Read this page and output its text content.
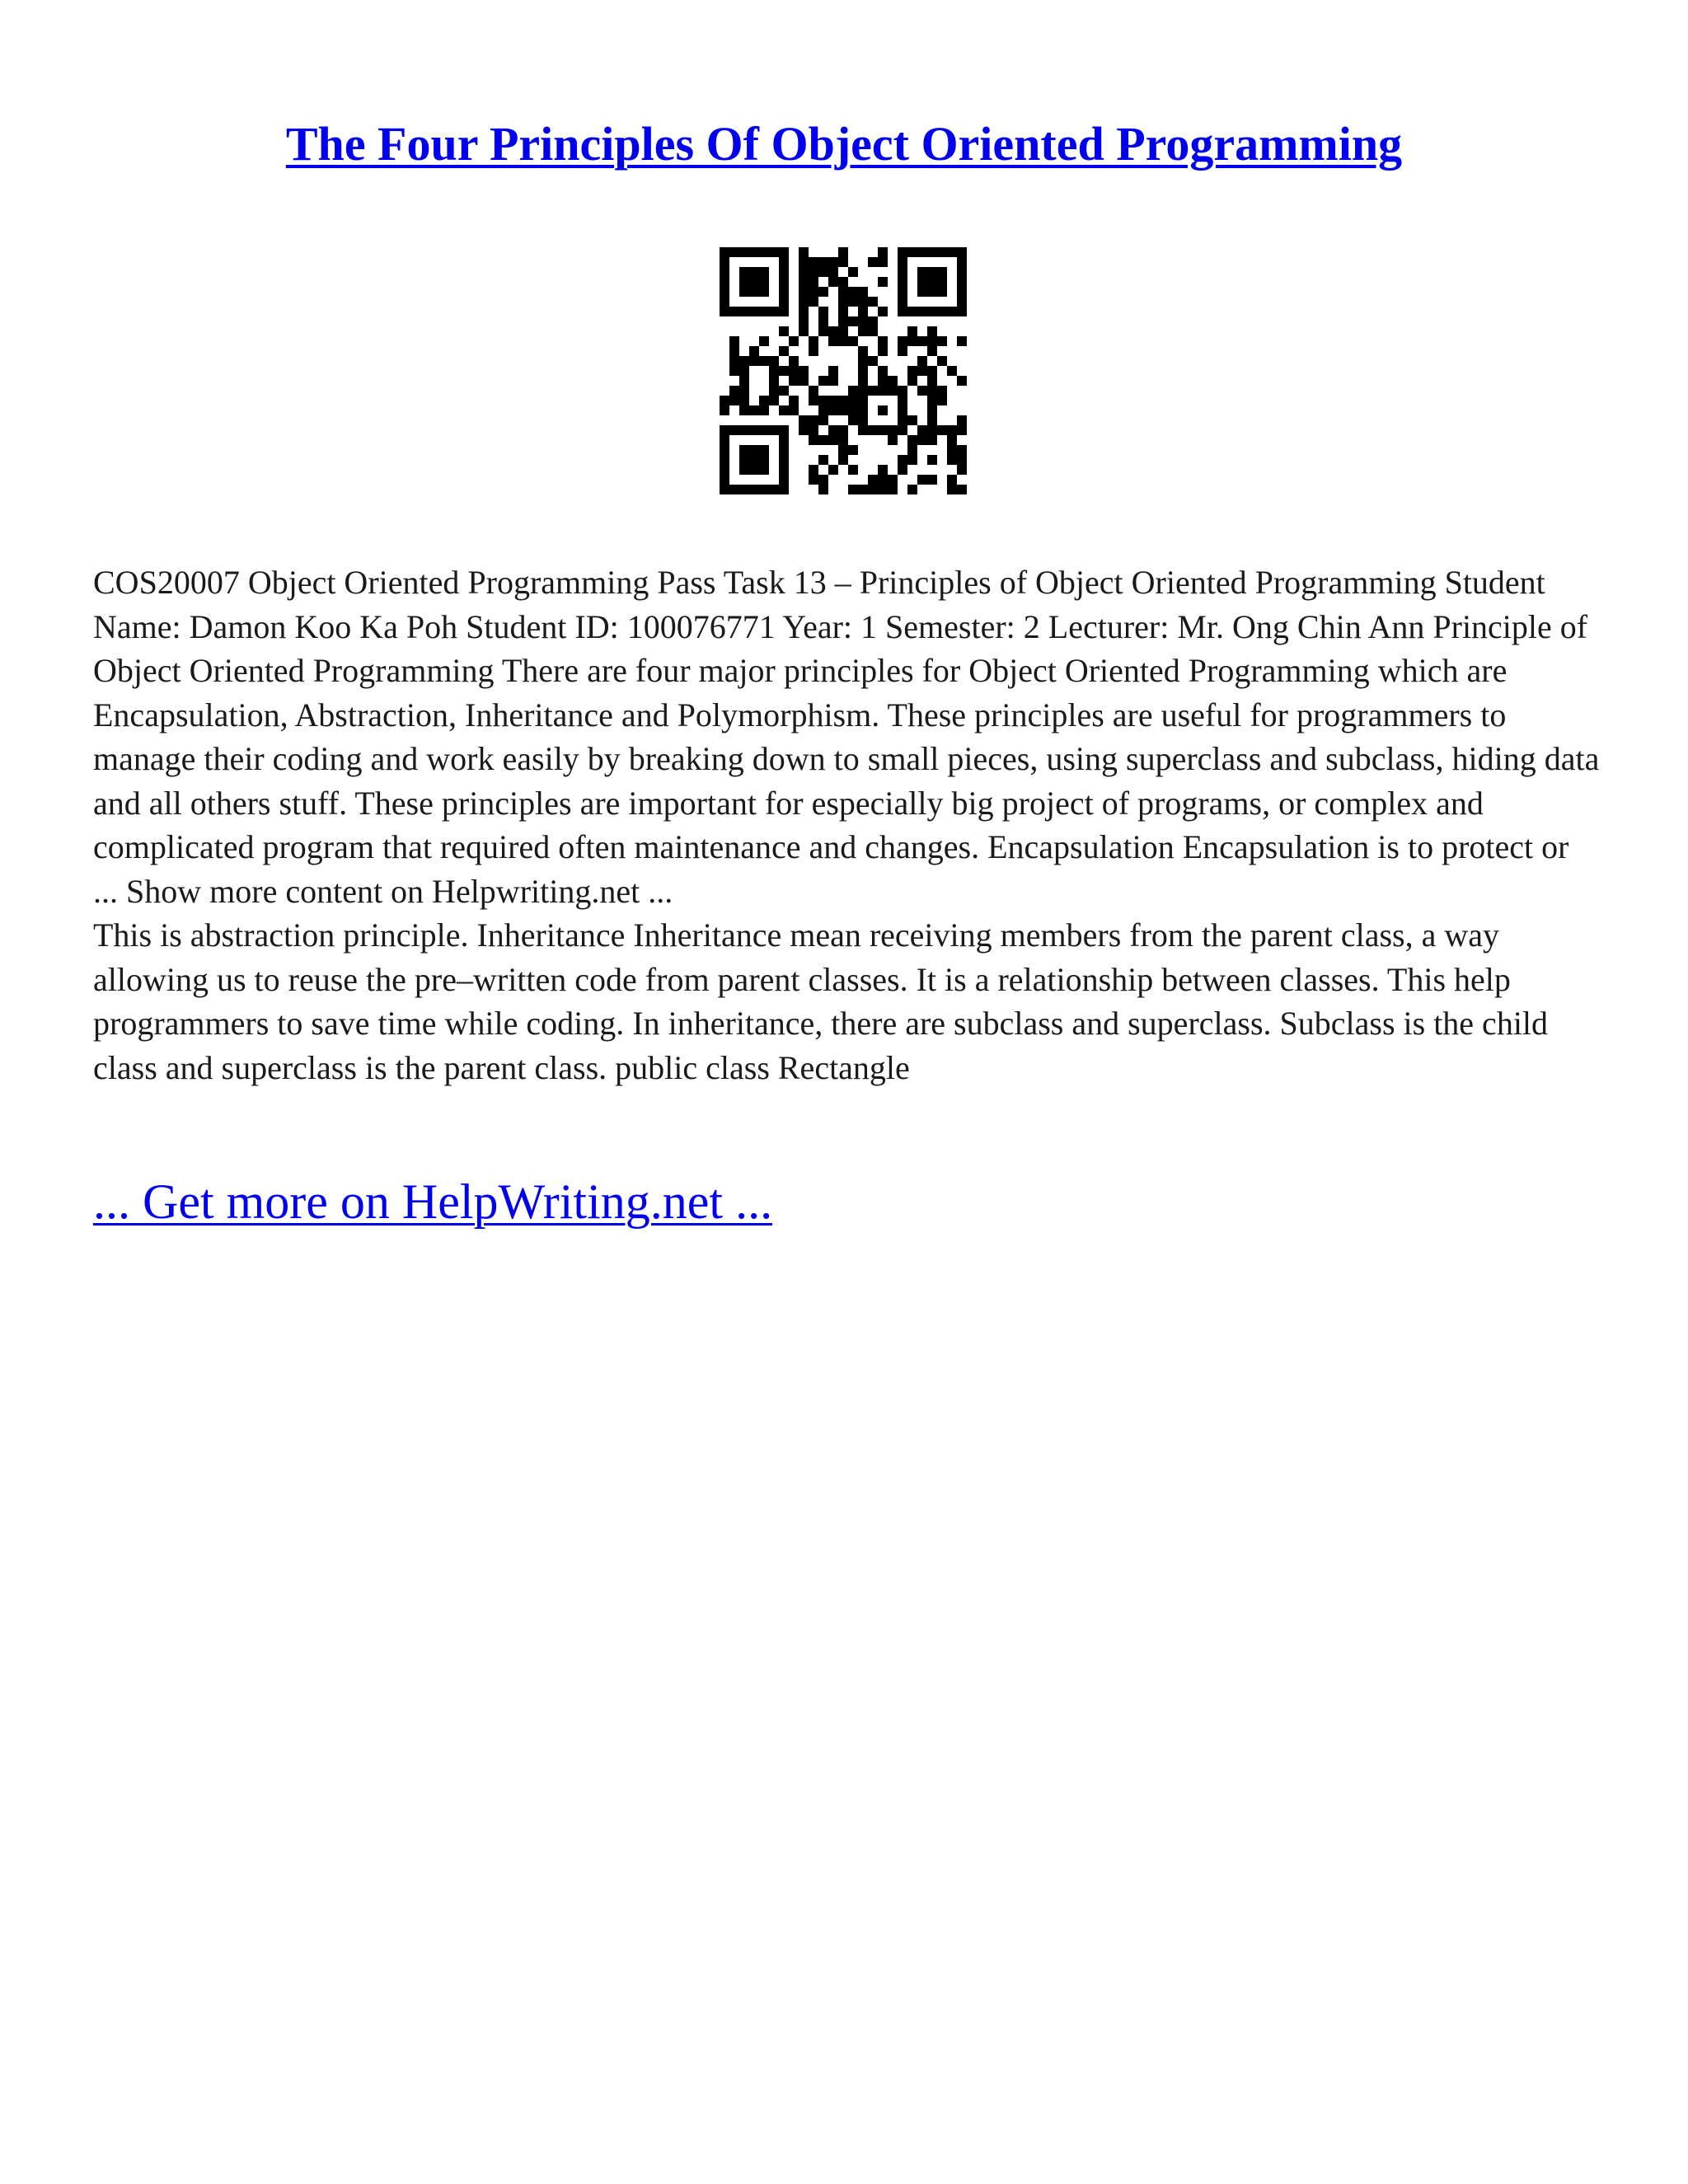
The Four Principles Of Object Oriented Programming

COS20007 Object Oriented Programming Pass Task 13 – Principles of Object Oriented Programming Student Name: Damon Koo Ka Poh Student ID: 100076771 Year: 1 Semester: 2 Lecturer: Mr. Ong Chin Ann Principle of Object Oriented Programming There are four major principles for Object Oriented Programming which are Encapsulation, Abstraction, Inheritance and Polymorphism. These principles are useful for programmers to manage their coding and work easily by breaking down to small pieces, using superclass and subclass, hiding data and all others stuff. These principles are important for especially big project of programs, or complex and complicated program that required often maintenance and changes. Encapsulation Encapsulation is to protect or ... Show more content on Helpwriting.net ...

This is abstraction principle. Inheritance Inheritance mean receiving members from the parent class, a way allowing us to reuse the pre–written code from parent classes. It is a relationship between classes. This help programmers to save time while coding. In inheritance, there are subclass and superclass. Subclass is the child class and superclass is the parent class. public class Rectangle

... Get more on HelpWriting.net ...
